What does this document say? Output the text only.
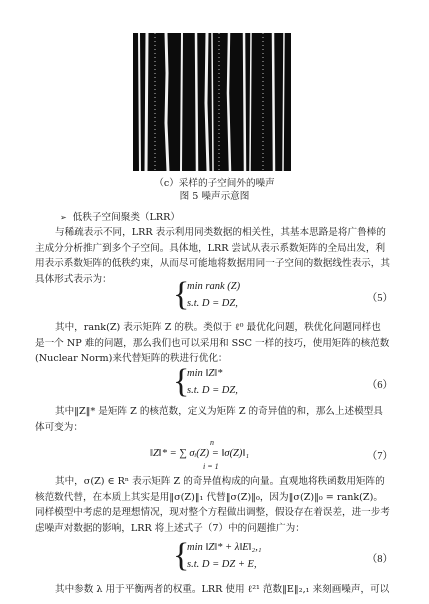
（c）采样的子空间外的噪声
图 5 噪声示意图
➢ 低秩子空间聚类（LRR）
与稀疏表示不同，LRR 表示利用同类数据的相关性，其基本思路是将广鲁棒的主成分分析推广到多个子空间。具体地，LRR 尝试从表示系数矩阵的全局出发，利用表示系数矩阵的低秩约束，从而尽可能地将数据用同一子空间的数据线性表示，其具体形式表示为：	{
min rank (Z)
s.t. D = DZ,	（5）
其中，rank(Z) 表示矩阵 Z 的秩。类似于 ℓ⁰ 最优化问题，秩优化问题同样也是一个 NP 难的问题，那么我们也可以采用和 SSC 一样的技巧，使用矩阵的核范数(Nuclear Norm)来代替矩阵的秩进行优化：
{
min ‖Z‖*
s.t. D = DZ,	（6）
其中‖Z‖* 是矩阵 Z 的核范数，定义为矩阵 Z 的奇异值的和，那么上述模型具体可变为：
n
‖Z‖* = ∑ σᵢ(Z) = ‖σ(Z)‖₁
i = 1
（7）
其中，σ(Z) ∈ Rⁿ 表示矩阵 Z 的奇异值构成的向量。直观地将秩函数用矩阵的核范数代替，在本质上其实是用‖σ(Z)‖₁ 代替‖σ(Z)‖₀，因为‖σ(Z)‖₀ = rank(Z)。同样模型中考虑的是理想情况，现对整个方程做出调整，假设存在着误差，进一步考虑噪声对数据的影响，LRR 将上述式子（7）中的问题推广为：
{
min ‖Z‖* + λ‖E‖₂,₁
s.t. D = DZ + E,	（8）
其中参数 λ 用于平衡两者的权重。LRR 使用 ℓ²¹ 范数‖E‖₂,₁ 来刻画噪声，可以
